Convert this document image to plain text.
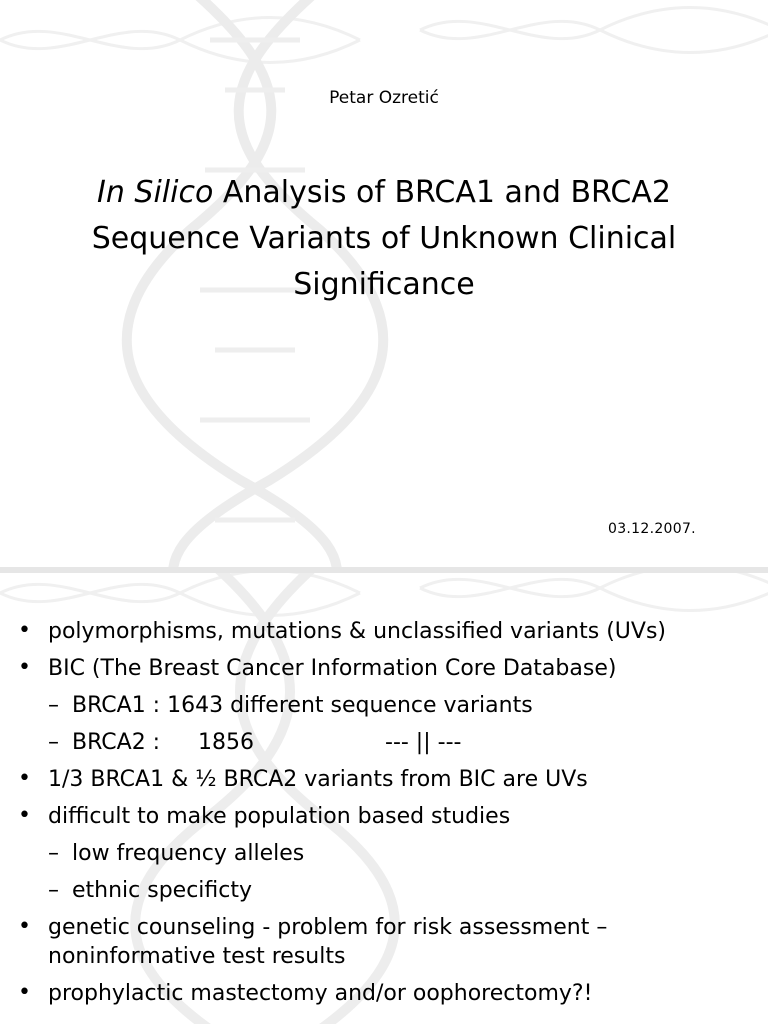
Petar Ozretić
In Silico Analysis of BRCA1 and BRCA2 Sequence Variants of Unknown Clinical Significance
03.12.2007.
• polymorphisms, mutations & unclassified variants (UVs)
• BIC (The Breast Cancer Information Core Database)
– BRCA1 : 1643 different sequence variants
– BRCA2 : 1856	--- || ---
• 1/3 BRCA1 & ½ BRCA2 variants from BIC are UVs
• difficult to make population based studies
– low frequency alleles
– ethnic specificty
• genetic counseling - problem for risk assessment – noninformative test results
• prophylactic mastectomy and/or oophorectomy?!
